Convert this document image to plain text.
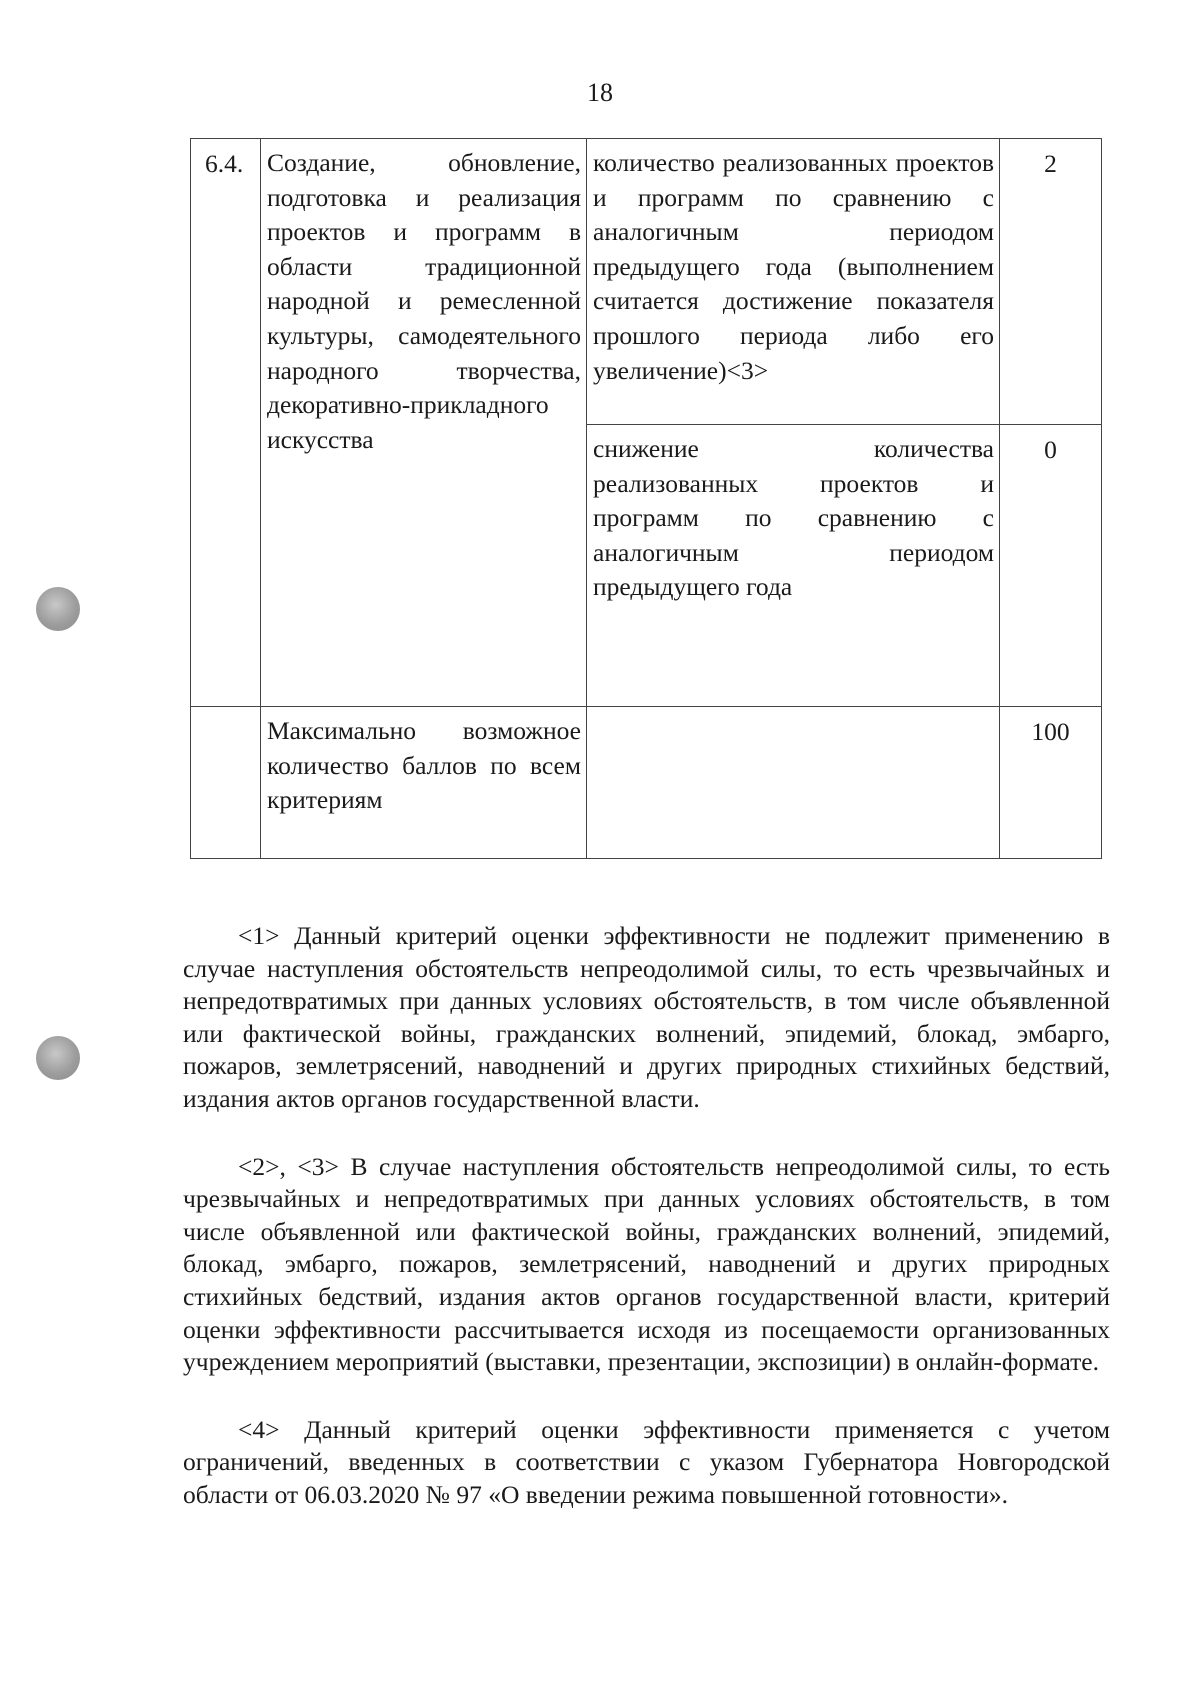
18
6.4.	Создание, обновление, подготовка и реализация проектов и программ в области традиционной народной и ремесленной культуры, самодеятельного народного творчества, декоративно-прикладного искусства	количество реализованных проектов и программ по сравнению с аналогичным периодом предыдущего года (выполнением считается достижение показателя прошлого периода либо его увеличение)<3>	2

		снижение количества реализованных проектов и программ по сравнению с аналогичным периодом предыдущего года	0

	Максимально возможное количество баллов по всем критериям		100

<1> Данный критерий оценки эффективности не подлежит применению в случае наступления обстоятельств непреодолимой силы, то есть чрезвычайных и непредотвратимых при данных условиях обстоятельств, в том числе объявленной или фактической войны, гражданских волнений, эпидемий, блокад, эмбарго, пожаров, землетрясений, наводнений и других природных стихийных бедствий, издания актов органов государственной власти.

<2>, <3> В случае наступления обстоятельств непреодолимой силы, то есть чрезвычайных и непредотвратимых при данных условиях обстоятельств, в том числе объявленной или фактической войны, гражданских волнений, эпидемий, блокад, эмбарго, пожаров, землетрясений, наводнений и других природных стихийных бедствий, издания актов органов государственной власти, критерий оценки эффективности рассчитывается исходя из посещаемости организованных учреждением мероприятий (выставки, презентации, экспозиции) в онлайн-формате.

<4> Данный критерий оценки эффективности применяется с учетом ограничений, введенных в соответствии с указом Губернатора Новгородской области от 06.03.2020 № 97 «О введении режима повышенной готовности».
